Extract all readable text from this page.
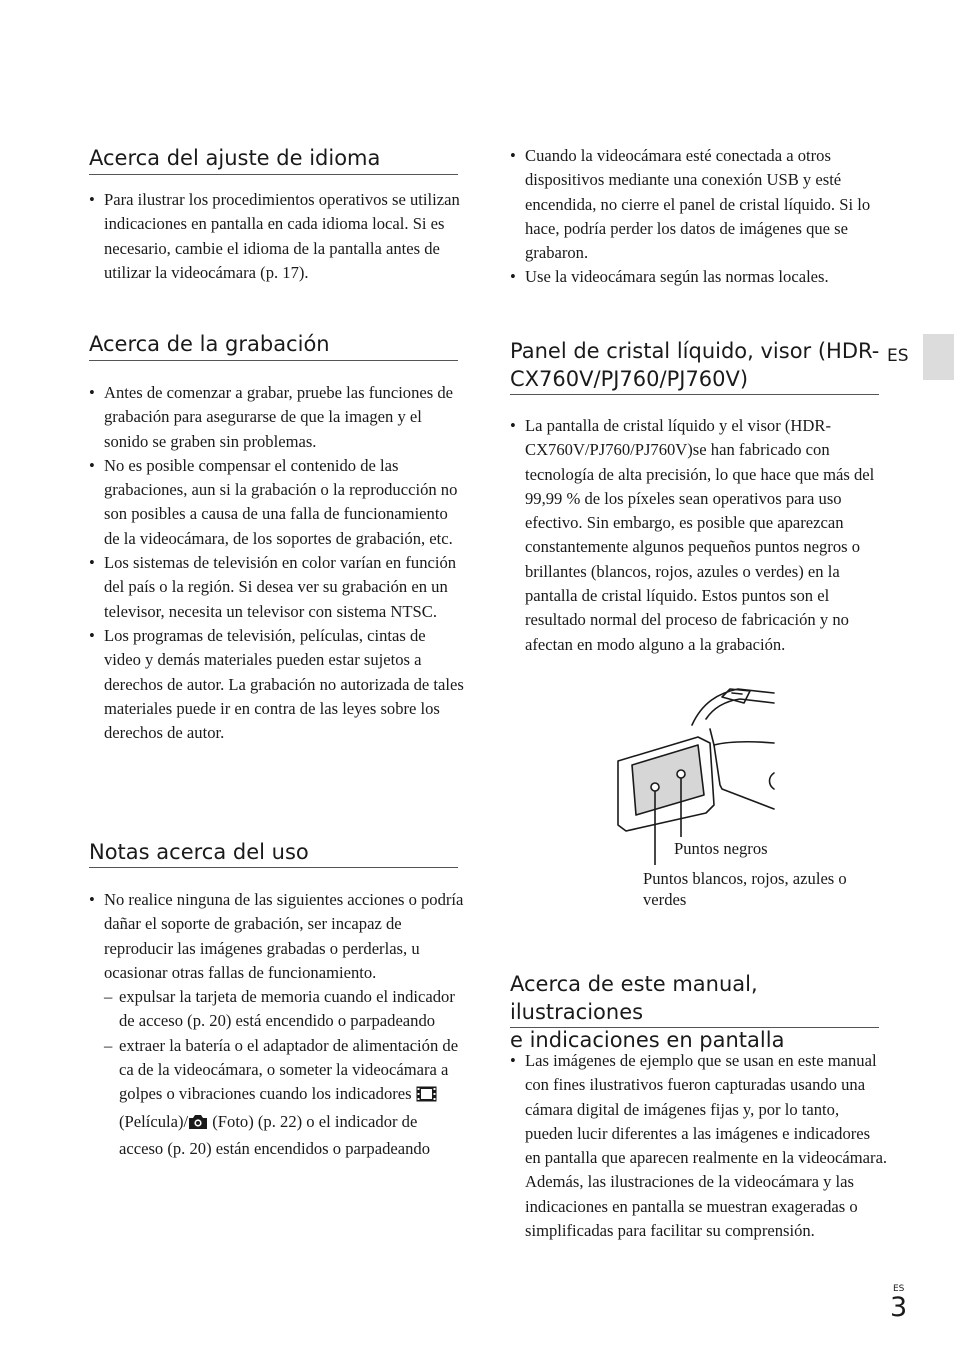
Acerca del ajuste de idioma
• Para ilustrar los procedimientos operativos se utilizan indicaciones en pantalla en cada idioma local. Si es necesario, cambie el idioma de la pantalla antes de utilizar la videocámara (p. 17).
Acerca de la grabación
• Antes de comenzar a grabar, pruebe las funciones de grabación para asegurarse de que la imagen y el sonido se graben sin problemas.
• No es posible compensar el contenido de las grabaciones, aun si la grabación o la reproducción no son posibles a causa de una falla de funcionamiento de la videocámara, de los soportes de grabación, etc.
• Los sistemas de televisión en color varían en función del país o la región. Si desea ver su grabación en un televisor, necesita un televisor con sistema NTSC.
• Los programas de televisión, películas, cintas de video y demás materiales pueden estar sujetos a derechos de autor. La grabación no autorizada de tales materiales puede ir en contra de las leyes sobre los derechos de autor.
Notas acerca del uso
• No realice ninguna de las siguientes acciones o podría dañar el soporte de grabación, ser incapaz de reproducir las imágenes grabadas o perderlas, u ocasionar otras fallas de funcionamiento.
– expulsar la tarjeta de memoria cuando el indicador de acceso (p. 20) está encendido o parpadeando
– extraer la batería o el adaptador de alimentación de ca de la videocámara, o someter la videocámara a golpes o vibraciones cuando los indicadores  (Película)/ (Foto) (p. 22) o el indicador de acceso (p. 20) están encendidos o parpadeando
• Cuando la videocámara esté conectada a otros dispositivos mediante una conexión USB y esté encendida, no cierre el panel de cristal líquido. Si lo hace, podría perder los datos de imágenes que se grabaron.
• Use la videocámara según las normas locales.
Panel de cristal líquido, visor (HDR-
CX760V/PJ760/PJ760V)
• La pantalla de cristal líquido y el visor (HDR-CX760V/PJ760/PJ760V)se han fabricado con tecnología de alta precisión, lo que hace que más del 99,99 % de los píxeles sean operativos para uso efectivo. Sin embargo, es posible que aparezcan constantemente algunos pequeños puntos negros o brillantes (blancos, rojos, azules o verdes) en la pantalla de cristal líquido. Estos puntos son el resultado normal del proceso de fabricación y no afectan en modo alguno a la grabación.
Puntos negros
Puntos blancos, rojos, azules o verdes
Acerca de este manual, ilustraciones
e indicaciones en pantalla
• Las imágenes de ejemplo que se usan en este manual con fines ilustrativos fueron capturadas usando una cámara digital de imágenes fijas y, por lo tanto, pueden lucir diferentes a las imágenes e indicadores en pantalla que aparecen realmente en la videocámara. Además, las ilustraciones de la videocámara y las indicaciones en pantalla se muestran exageradas o simplificadas para facilitar su comprensión.
ES
ES
3
